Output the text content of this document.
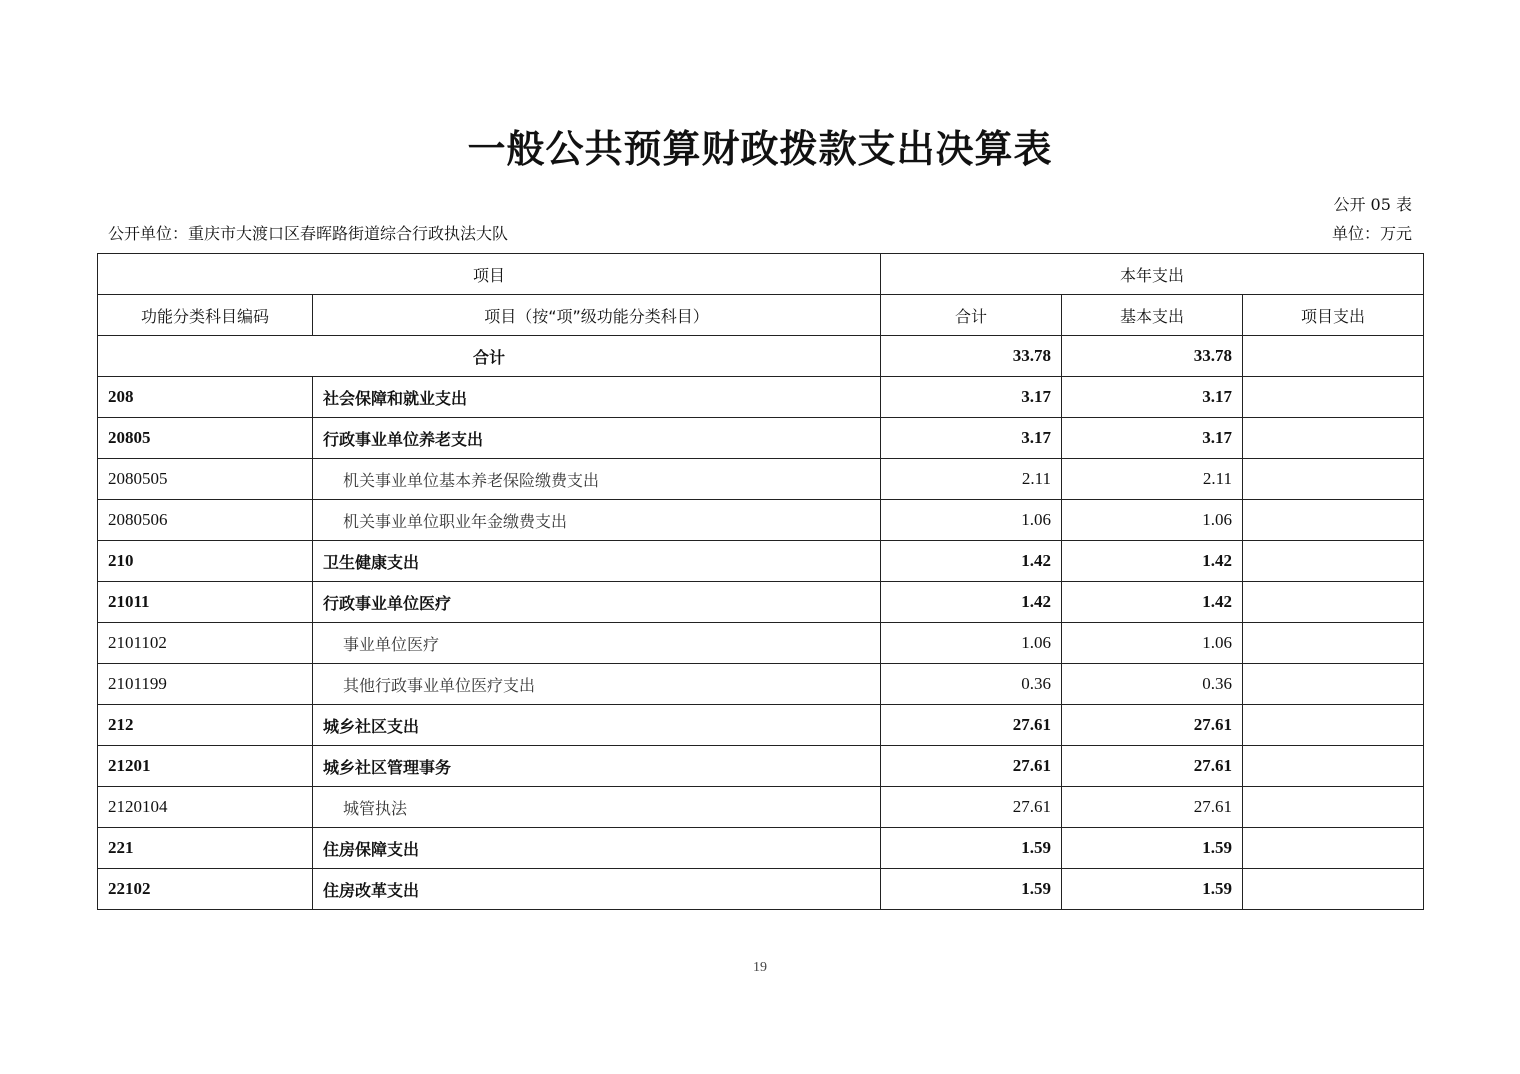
一般公共预算财政拨款支出决算表
公开 05 表
公开单位：重庆市大渡口区春晖路街道综合行政执法大队	单位：万元
项目		本年支出		
功能分类科目编码	项目（按“项”级功能分类科目）	合计	基本支出	项目支出
合计		33.78	33.78	
208	社会保障和就业支出	3.17	3.17	
20805	行政事业单位养老支出	3.17	3.17	
2080505	机关事业单位基本养老保险缴费支出	2.11	2.11	
2080506	机关事业单位职业年金缴费支出	1.06	1.06	
210	卫生健康支出	1.42	1.42	
21011	行政事业单位医疗	1.42	1.42	
2101102	事业单位医疗	1.06	1.06	
2101199	其他行政事业单位医疗支出	0.36	0.36	
212	城乡社区支出	27.61	27.61	
21201	城乡社区管理事务	27.61	27.61	
2120104	城管执法	27.61	27.61	
221	住房保障支出	1.59	1.59	
22102	住房改革支出	1.59	1.59	
19
